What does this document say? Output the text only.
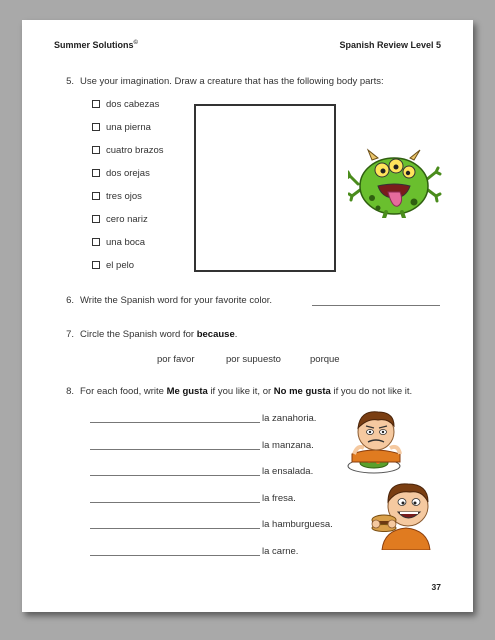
Summer Solutions©	Spanish Review Level 5
5. Use your imagination. Draw a creature that has the following body parts:
dos cabezas
una pierna
cuatro brazos
dos orejas
tres ojos
cero nariz
una boca
el pelo
6. Write the Spanish word for your favorite color.
7. Circle the Spanish word for because.
por favor	por supuesto	porque
8. For each food, write Me gusta if you like it, or No me gusta if you do not like it.
la zanahoria.
la manzana.
la ensalada.
la fresa.
la hamburguesa.
la carne.
37
